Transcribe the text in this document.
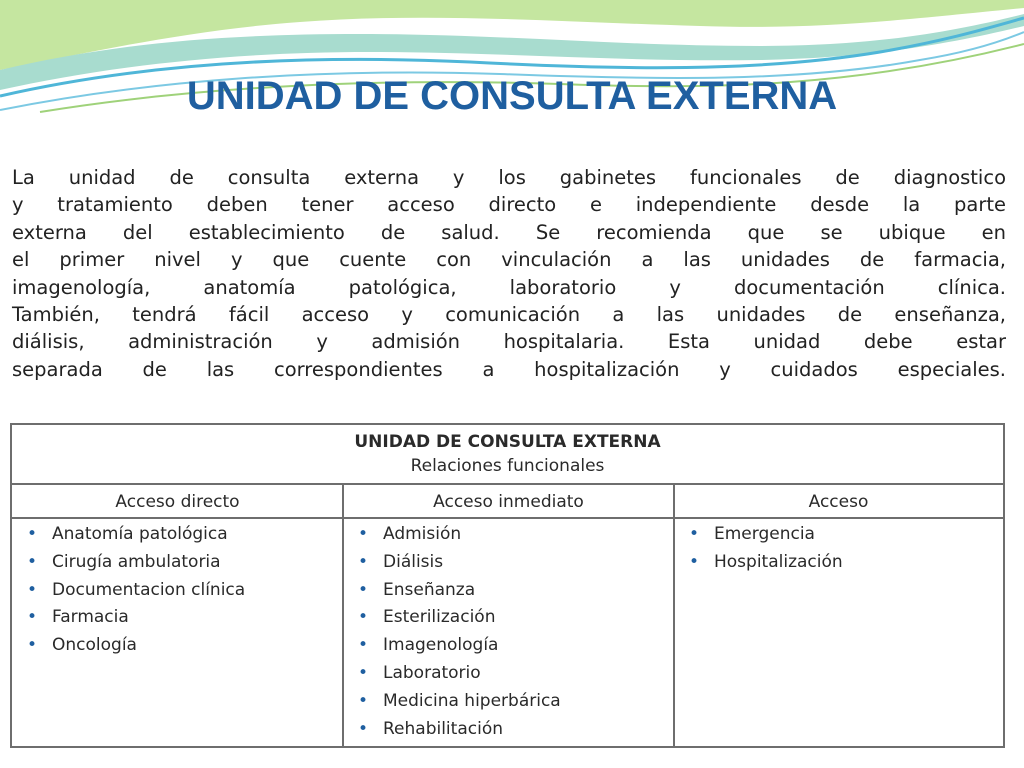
UNIDAD DE CONSULTA EXTERNA
La unidad de consulta externa y los gabinetes funcionales de diagnostico
y tratamiento deben tener acceso directo e independiente desde la parte
externa del establecimiento de salud. Se recomienda que se ubique en
el primer nivel y que cuente con vinculación a las unidades de farmacia,
imagenología, anatomía patológica, laboratorio y documentación clínica.
También, tendrá fácil acceso y comunicación a las unidades de enseñanza,
diálisis, administración y admisión hospitalaria. Esta unidad debe estar
separada de las correspondientes a hospitalización y cuidados especiales.
UNIDAD DE CONSULTA EXTERNA
Relaciones funcionales
Acceso directo	Acceso inmediato	Acceso
• Anatomía patológica
• Cirugía ambulatoria
• Documentacion clínica
• Farmacia
• Oncología
• Admisión
• Diálisis
• Enseñanza
• Esterilización
• Imagenología
• Laboratorio
• Medicina hiperbárica
• Rehabilitación
• Emergencia
• Hospitalización
